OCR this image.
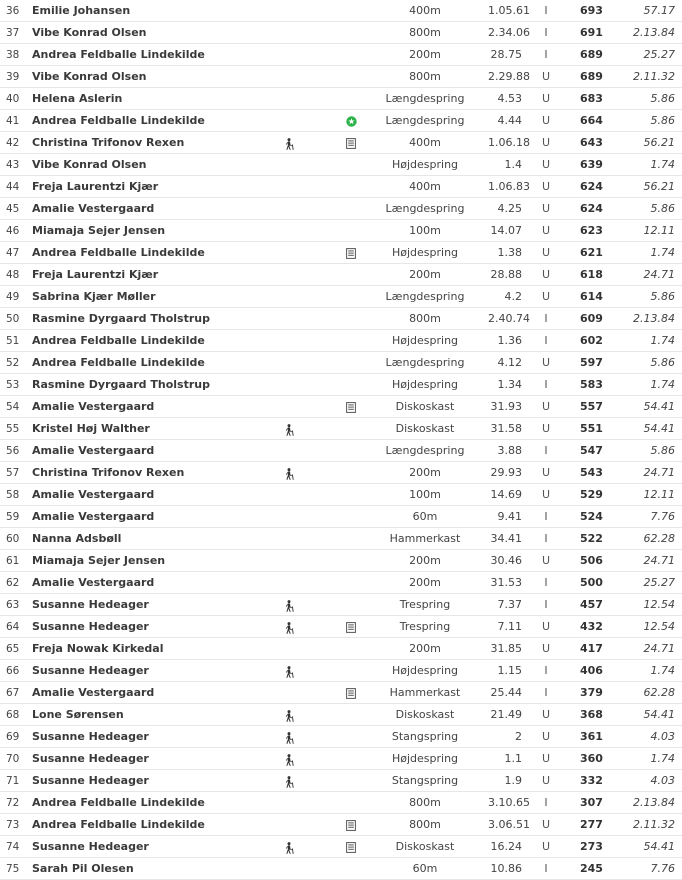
36	Emilie Johansen	400m	1.05.61	I	693	57.17
37	Vibe Konrad Olsen	800m	2.34.06	I	691	2.13.84
38	Andrea Feldballe Lindekilde	200m	28.75	I	689	25.27
39	Vibe Konrad Olsen	800m	2.29.88	U	689	2.11.32
40	Helena Aslerin	Længdespring	4.53	U	683	5.86
41	Andrea Feldballe Lindekilde	Længdespring	4.44	U	664	5.86
42	Christina Trifonov Rexen	400m	1.06.18	U	643	56.21
43	Vibe Konrad Olsen	Højdespring	1.4	U	639	1.74
44	Freja Laurentzi Kjær	400m	1.06.83	U	624	56.21
45	Amalie Vestergaard	Længdespring	4.25	U	624	5.86
46	Miamaja Sejer Jensen	100m	14.07	U	623	12.11
47	Andrea Feldballe Lindekilde	Højdespring	1.38	U	621	1.74
48	Freja Laurentzi Kjær	200m	28.88	U	618	24.71
49	Sabrina Kjær Møller	Længdespring	4.2	U	614	5.86
50	Rasmine Dyrgaard Tholstrup	800m	2.40.74	I	609	2.13.84
51	Andrea Feldballe Lindekilde	Højdespring	1.36	I	602	1.74
52	Andrea Feldballe Lindekilde	Længdespring	4.12	U	597	5.86
53	Rasmine Dyrgaard Tholstrup	Højdespring	1.34	I	583	1.74
54	Amalie Vestergaard	Diskoskast	31.93	U	557	54.41
55	Kristel Høj Walther	Diskoskast	31.58	U	551	54.41
56	Amalie Vestergaard	Længdespring	3.88	I	547	5.86
57	Christina Trifonov Rexen	200m	29.93	U	543	24.71
58	Amalie Vestergaard	100m	14.69	U	529	12.11
59	Amalie Vestergaard	60m	9.41	I	524	7.76
60	Nanna Adsbøll	Hammerkast	34.41	I	522	62.28
61	Miamaja Sejer Jensen	200m	30.46	U	506	24.71
62	Amalie Vestergaard	200m	31.53	I	500	25.27
63	Susanne Hedeager	Trespring	7.37	I	457	12.54
64	Susanne Hedeager	Trespring	7.11	U	432	12.54
65	Freja Nowak Kirkedal	200m	31.85	U	417	24.71
66	Susanne Hedeager	Højdespring	1.15	I	406	1.74
67	Amalie Vestergaard	Hammerkast	25.44	I	379	62.28
68	Lone Sørensen	Diskoskast	21.49	U	368	54.41
69	Susanne Hedeager	Stangspring	2	U	361	4.03
70	Susanne Hedeager	Højdespring	1.1	U	360	1.74
71	Susanne Hedeager	Stangspring	1.9	U	332	4.03
72	Andrea Feldballe Lindekilde	800m	3.10.65	I	307	2.13.84
73	Andrea Feldballe Lindekilde	800m	3.06.51	U	277	2.11.32
74	Susanne Hedeager	Diskoskast	16.24	U	273	54.41
75	Sarah Pil Olesen	60m	10.86	I	245	7.76
